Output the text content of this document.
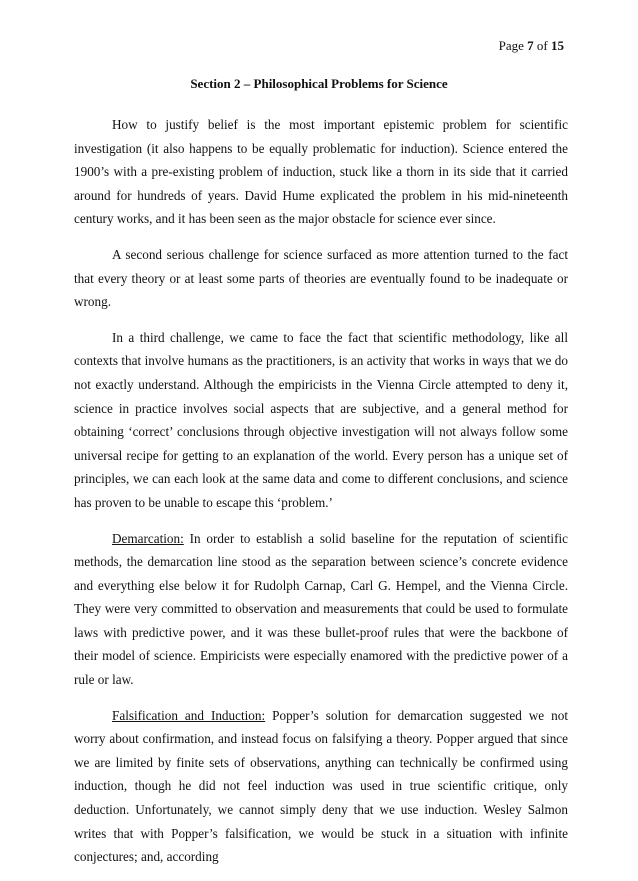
Page 7 of 15
Section 2 – Philosophical Problems for Science

How to justify belief is the most important epistemic problem for scientific investigation (it also happens to be equally problematic for induction). Science entered the 1900’s with a pre-existing problem of induction, stuck like a thorn in its side that it carried around for hundreds of years. David Hume explicated the problem in his mid-nineteenth century works, and it has been seen as the major obstacle for science ever since.

A second serious challenge for science surfaced as more attention turned to the fact that every theory or at least some parts of theories are eventually found to be inadequate or wrong.

In a third challenge, we came to face the fact that scientific methodology, like all contexts that involve humans as the practitioners, is an activity that works in ways that we do not exactly understand. Although the empiricists in the Vienna Circle attempted to deny it, science in practice involves social aspects that are subjective, and a general method for obtaining ‘correct’ conclusions through objective investigation will not always follow some universal recipe for getting to an explanation of the world. Every person has a unique set of principles, we can each look at the same data and come to different conclusions, and science has proven to be unable to escape this ‘problem.’

Demarcation: In order to establish a solid baseline for the reputation of scientific methods, the demarcation line stood as the separation between science’s concrete evidence and everything else below it for Rudolph Carnap, Carl G. Hempel, and the Vienna Circle. They were very committed to observation and measurements that could be used to formulate laws with predictive power, and it was these bullet-proof rules that were the backbone of their model of science. Empiricists were especially enamored with the predictive power of a rule or law.

Falsification and Induction: Popper’s solution for demarcation suggested we not worry about confirmation, and instead focus on falsifying a theory. Popper argued that since we are limited by finite sets of observations, anything can technically be confirmed using induction, though he did not feel induction was used in true scientific critique, only deduction. Unfortunately, we cannot simply deny that we use induction. Wesley Salmon writes that with Popper’s falsification, we would be stuck in a situation with infinite conjectures; and, according
